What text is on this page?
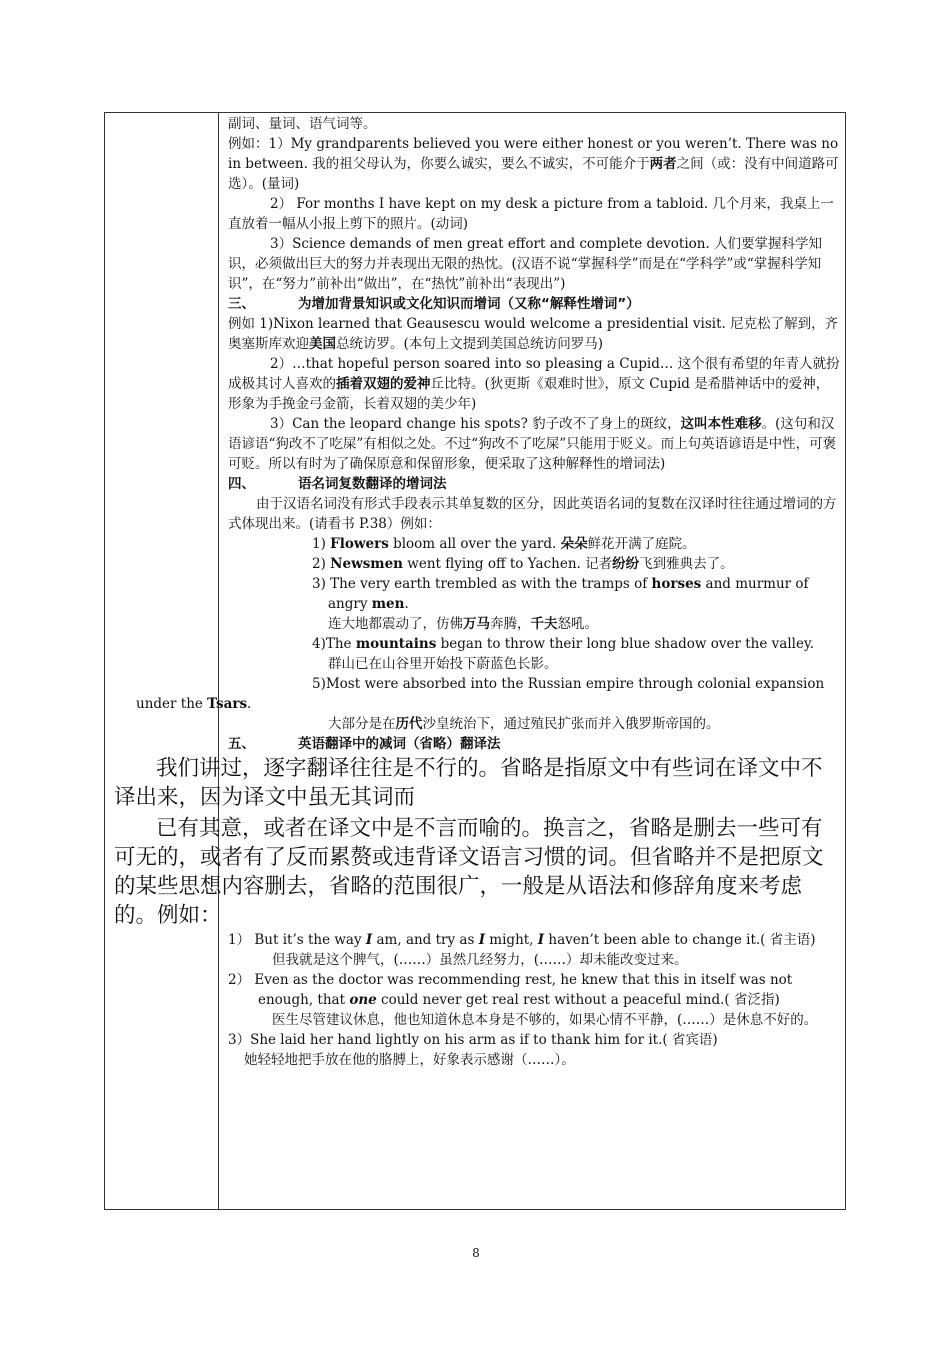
副词、量词、语气词等。

例如：1）My grandparents believed you were either honest or you weren’t. There was no in between. 我的祖父母认为，你要么诚实，要么不诚实，不可能介于两者之间（或：没有中间道路可选）。(量词)

2） For months I have kept on my desk a picture from a tabloid. 几个月来，我桌上一直放着一幅从小报上剪下的照片。(动词)

3）Science demands of men great effort and complete devotion. 人们要掌握科学知识，必须做出巨大的努力并表现出无限的热忱。(汉语不说“掌握科学”而是在“学科学”或“掌握科学知识”，在“努力”前补出“做出”，在“热忱”前补出“表现出”)

三、	为增加背景知识或文化知识而增词（又称“解释性增词”）

例如 1)Nixon learned that Geausescu would welcome a presidential visit. 尼克松了解到，齐奥塞斯库欢迎美国总统访罗。(本句上文提到美国总统访问罗马)

2）…that hopeful person soared into so pleasing a Cupid… 这个很有希望的年青人就扮成极其讨人喜欢的插着双翅的爱神丘比特。(狄更斯《艰难时世》，原文 Cupid 是希腊神话中的爱神，形象为手挽金弓金箭，长着双翅的美少年)

3）Can the leopard change his spots? 豹子改不了身上的斑纹，这叫本性难移。(这句和汉语谚语“狗改不了吃屎”有相似之处。不过“狗改不了吃屎”只能用于贬义。而上句英语谚语是中性，可褒可贬。所以有时为了确保原意和保留形象，便采取了这种解释性的增词法)

四、	语名词复数翻译的增词法

由于汉语名词没有形式手段表示其单复数的区分，因此英语名词的复数在汉译时往往通过增词的方式体现出来。(请看书 P.38）例如：

1) Flowers bloom all over the yard. 朵朵鲜花开满了庭院。

2) Newsmen went flying off to Yachen. 记者纷纷飞到雅典去了。

3) The very earth trembled as with the tramps of horses and murmur of angry men.

连大地都震动了，仿佛万马奔腾，千夫怒吼。

4)The mountains began to throw their long blue shadow over the valley.

群山已在山谷里开始投下蔚蓝色长影。

5)Most were absorbed into the Russian empire through colonial expansion under the Tsars.

大部分是在历代沙皇统治下，通过殖民扩张而并入俄罗斯帝国的。

五、	英语翻译中的减词（省略）翻译法

我们讲过，逐字翻译往往是不行的。省略是指原文中有些词在译文中不译出来，因为译文中虽无其词而

已有其意，或者在译文中是不言而喻的。换言之，省略是删去一些可有可无的，或者有了反而累赘或违背译文语言习惯的词。但省略并不是把原文的某些思想内容删去，省略的范围很广，一般是从语法和修辞角度来考虑的。例如：

1） But it’s the way I am, and try as I might, I haven’t been able to change it.( 省主语)

但我就是这个脾气，(……）虽然几经努力，(……）却未能改变过来。

2） Even as the doctor was recommending rest, he knew that this in itself was not enough, that one could never get real rest without a peaceful mind.( 省泛指)

医生尽管建议休息，他也知道休息本身是不够的，如果心情不平静，(……）是休息不好的。

3）She laid her hand lightly on his arm as if to thank him for it.( 省宾语)

她轻轻地把手放在他的胳膊上，好象表示感谢（……）。

8
